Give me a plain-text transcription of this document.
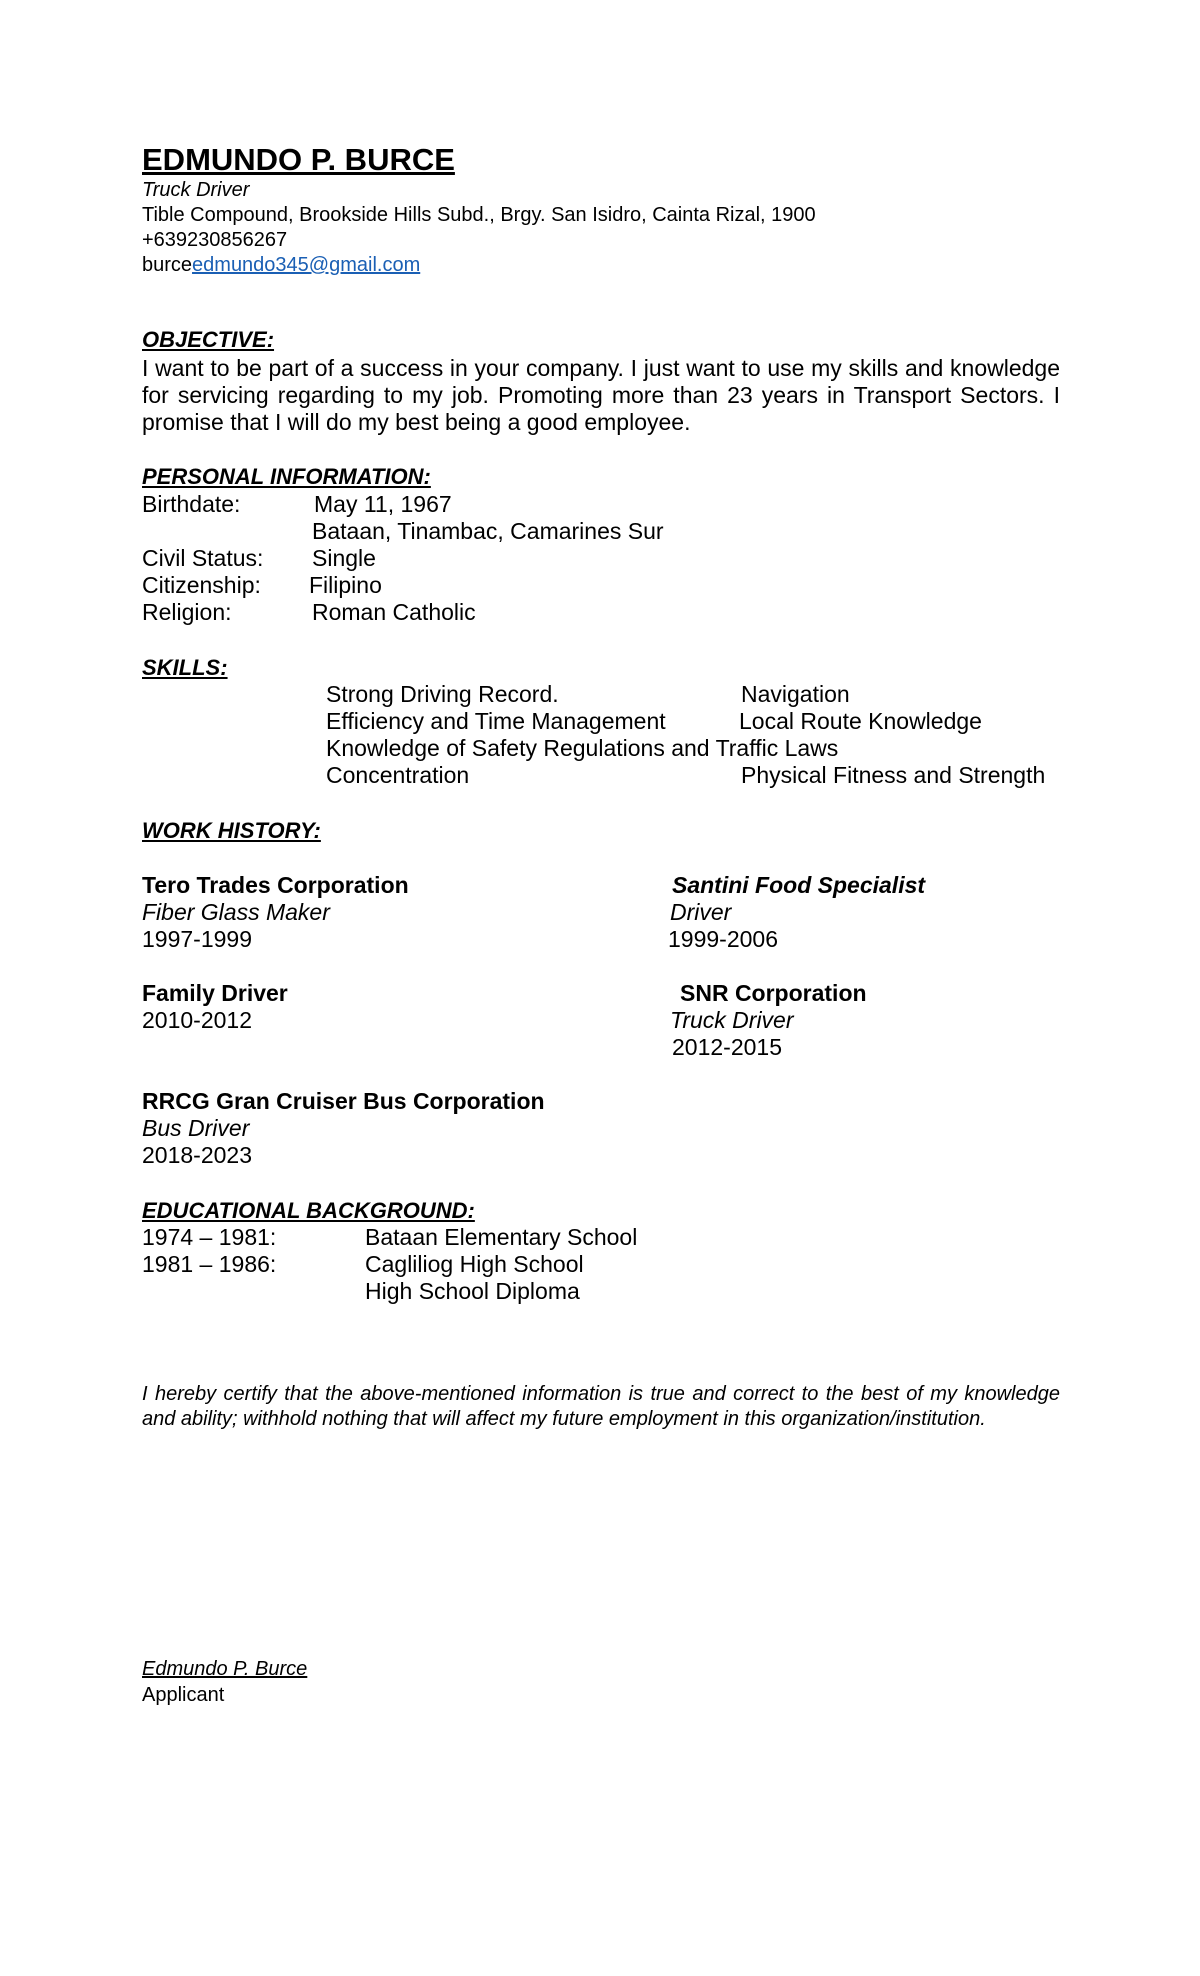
EDMUNDO P. BURCE
Truck Driver
Tible Compound, Brookside Hills Subd., Brgy. San Isidro, Cainta Rizal, 1900
+639230856267
burceedmundo345@gmail.com
OBJECTIVE:
I want to be part of a success in your company. I just want to use my skills and knowledge for servicing regarding to my job. Promoting more than 23 years in Transport Sectors. I promise that I will do my best being a good employee.
PERSONAL INFORMATION:
Birthdate:	May 11, 1967
Bataan, Tinambac, Camarines Sur
Civil Status: Single
Citizenship: Filipino
Religion:	Roman Catholic
SKILLS:
Strong Driving Record.	Navigation
Efficiency and Time Management	Local Route Knowledge
Knowledge of Safety Regulations and Traffic Laws
Concentration	Physical Fitness and Strength
WORK HISTORY:
Tero Trades Corporation
Fiber Glass Maker
1997-1999
Santini Food Specialist
Driver
1999-2006
Family Driver
2010-2012
SNR Corporation
Truck Driver
2012-2015
RRCG Gran Cruiser Bus Corporation
Bus Driver
2018-2023
EDUCATIONAL BACKGROUND:
1974 – 1981:	Bataan Elementary School
1981 – 1986:	Cagliliog High School
High School Diploma
I hereby certify that the above-mentioned information is true and correct to the best of my knowledge and ability; withhold nothing that will affect my future employment in this organization/institution.
Edmundo P. Burce
Applicant
